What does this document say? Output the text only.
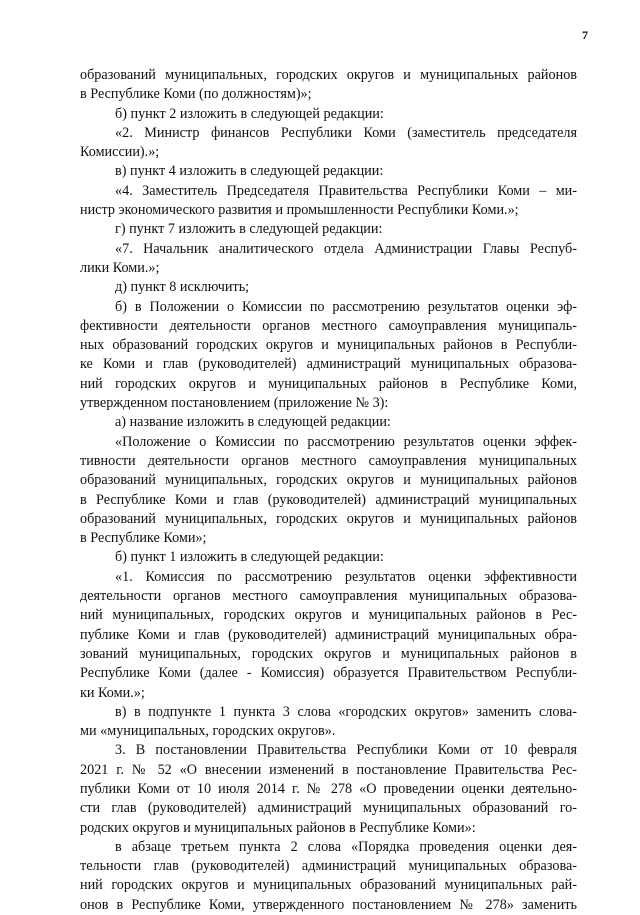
7
образований муниципальных, городских округов и муниципальных районов
в Республике Коми (по должностям)»;
б) пункт 2 изложить в следующей редакции:
«2. Министр финансов Республики Коми (заместитель председателя
Комиссии).»;
в) пункт 4 изложить в следующей редакции:
«4. Заместитель Председателя Правительства Республики Коми – ми-
нистр экономического развития и промышленности Республики Коми.»;
г) пункт 7 изложить в следующей редакции:
«7. Начальник аналитического отдела Администрации Главы Респуб-
лики Коми.»;
д) пункт 8 исключить;
б) в Положении о Комиссии по рассмотрению результатов оценки эф-
фективности деятельности органов местного самоуправления муниципаль-
ных образований городских округов и муниципальных районов в Республи-
ке Коми и глав (руководителей) администраций муниципальных образова-
ний городских округов и муниципальных районов в Республике Коми,
утвержденном постановлением (приложение № 3):
а) название изложить в следующей редакции:
«Положение о Комиссии по рассмотрению результатов оценки эффек-
тивности деятельности органов местного самоуправления муниципальных
образований муниципальных, городских округов и муниципальных районов
в Республике Коми и глав (руководителей) администраций муниципальных
образований муниципальных, городских округов и муниципальных районов
в Республике Коми»;
б) пункт 1 изложить в следующей редакции:
«1. Комиссия по рассмотрению результатов оценки эффективности
деятельности органов местного самоуправления муниципальных образова-
ний муниципальных, городских округов и муниципальных районов в Рес-
публике Коми и глав (руководителей) администраций муниципальных обра-
зований муниципальных, городских округов и муниципальных районов в
Республике Коми (далее - Комиссия) образуется Правительством Республи-
ки Коми.»;
в) в подпункте 1 пункта 3 слова «городских округов» заменить слова-
ми «муниципальных, городских округов».
3. В постановлении Правительства Республики Коми от 10 февраля
2021 г. № 52 «О внесении изменений в постановление Правительства Рес-
публики Коми от 10 июля 2014 г. № 278 «О проведении оценки деятельно-
сти глав (руководителей) администраций муниципальных образований го-
родских округов и муниципальных районов в Республике Коми»:
в абзаце третьем пункта 2 слова «Порядка проведения оценки дея-
тельности глав (руководителей) администраций муниципальных образова-
ний городских округов и муниципальных образований муниципальных рай-
онов в Республике Коми, утвержденного постановлением № 278» заменить
